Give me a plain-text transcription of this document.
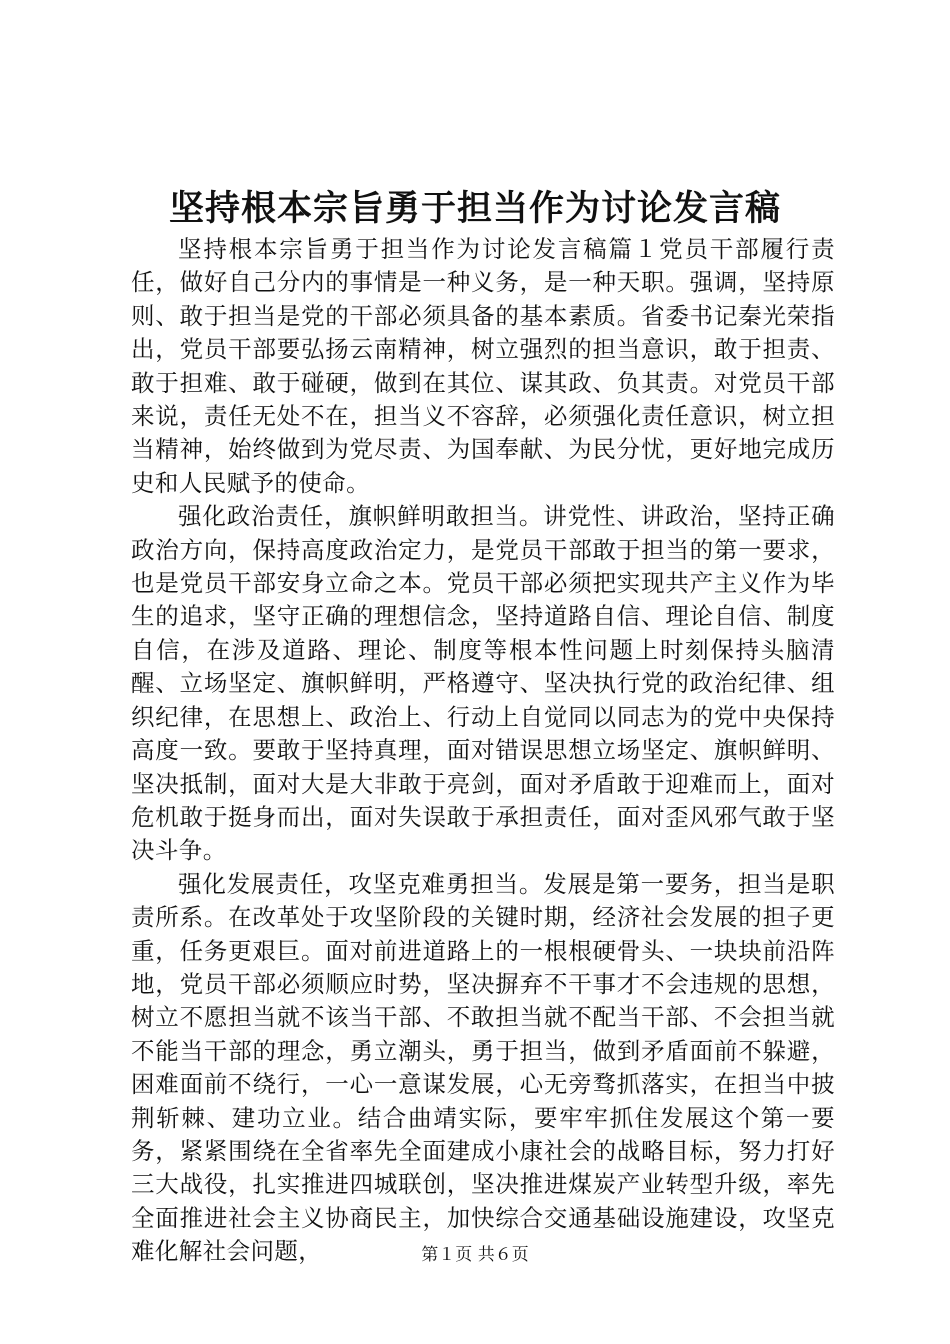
坚持根本宗旨勇于担当作为讨论发言稿

坚持根本宗旨勇于担当作为讨论发言稿篇１党员干部履行责任，做好自己分内的事情是一种义务，是一种天职。强调，坚持原则、敢于担当是党的干部必须具备的基本素质。省委书记秦光荣指出，党员干部要弘扬云南精神，树立强烈的担当意识，敢于担责、敢于担难、敢于碰硬，做到在其位、谋其政、负其责。对党员干部来说，责任无处不在，担当义不容辞，必须强化责任意识，树立担当精神，始终做到为党尽责、为国奉献、为民分忧，更好地完成历史和人民赋予的使命。

强化政治责任，旗帜鲜明敢担当。讲党性、讲政治，坚持正确政治方向，保持高度政治定力，是党员干部敢于担当的第一要求，也是党员干部安身立命之本。党员干部必须把实现共产主义作为毕生的追求，坚守正确的理想信念，坚持道路自信、理论自信、制度自信，在涉及道路、理论、制度等根本性问题上时刻保持头脑清醒、立场坚定、旗帜鲜明，严格遵守、坚决执行党的政治纪律、组织纪律，在思想上、政治上、行动上自觉同以同志为的党中央保持高度一致。要敢于坚持真理，面对错误思想立场坚定、旗帜鲜明、坚决抵制，面对大是大非敢于亮剑，面对矛盾敢于迎难而上，面对危机敢于挺身而出，面对失误敢于承担责任，面对歪风邪气敢于坚决斗争。

强化发展责任，攻坚克难勇担当。发展是第一要务，担当是职责所系。在改革处于攻坚阶段的关键时期，经济社会发展的担子更重，任务更艰巨。面对前进道路上的一根根硬骨头、一块块前沿阵地，党员干部必须顺应时势，坚决摒弃不干事才不会违规的思想，树立不愿担当就不该当干部、不敢担当就不配当干部、不会担当就不能当干部的理念，勇立潮头，勇于担当，做到矛盾面前不躲避，困难面前不绕行，一心一意谋发展，心无旁骛抓落实，在担当中披荆斩棘、建功立业。结合曲靖实际，要牢牢抓住发展这个第一要务，紧紧围绕在全省率先全面建成小康社会的战略目标，努力打好三大战役，扎实推进四城联创，坚决推进煤炭产业转型升级，率先全面推进社会主义协商民主，加快综合交通基础设施建设，攻坚克难化解社会问题，	第１页 共６页
